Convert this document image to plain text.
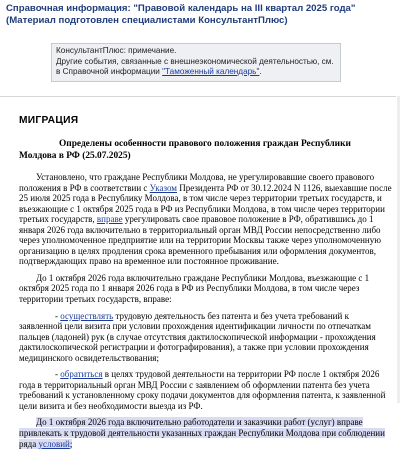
Справочная информация: "Правовой календарь на III квартал 2025 года" (Материал подготовлен специалистами КонсультантПлюс)
КонсультантПлюс: примечание.
Другие события, связанные с внешнеэкономической деятельностью, см. в Справочной информации "Таможенный календарь".
МИГРАЦИЯ
Определены особенности правового положения граждан Республики Молдова в РФ (25.07.2025)

Установлено, что граждане Республики Молдова, не урегулировавшие своего правового положения в РФ в соответствии с Указом Президента РФ от 30.12.2024 N 1126, выехавшие после 25 июля 2025 года в Республику Молдова, в том числе через территории третьих государств, и въезжающие с 1 октября 2025 года в РФ из Республики Молдова, в том числе через территории третьих государств, вправе урегулировать свое правовое положение в РФ, обратившись до 1 января 2026 года включительно в территориальный орган МВД России непосредственно либо через уполномоченное предприятие или на территории Москвы также через уполномоченную организацию в целях продления срока временного пребывания или оформления документов, подтверждающих право на временное или постоянное проживание.

До 1 октября 2026 года включительно граждане Республики Молдова, въезжающие с 1 октября 2025 года по 1 января 2026 года в РФ из Республики Молдова, в том числе через территории третьих государств, вправе:

- осуществлять трудовую деятельность без патента и без учета требований к заявленной цели визита при условии прохождения идентификации личности по отпечаткам пальцев (ладоней) рук (в случае отсутствия дактилоскопической информации - прохождения дактилоскопической регистрации и фотографирования), а также при условии прохождения медицинского освидетельствования;

- обратиться в целях трудовой деятельности на территории РФ после 1 октября 2026 года в территориальный орган МВД России с заявлением об оформлении патента без учета требований к установленному сроку подачи документов для оформления патента, к заявленной цели визита и без необходимости выезда из РФ.

До 1 октября 2026 года включительно работодатели и заказчики работ (услуг) вправе привлекать к трудовой деятельности указанных граждан Республики Молдова при соблюдении ряда условий;
